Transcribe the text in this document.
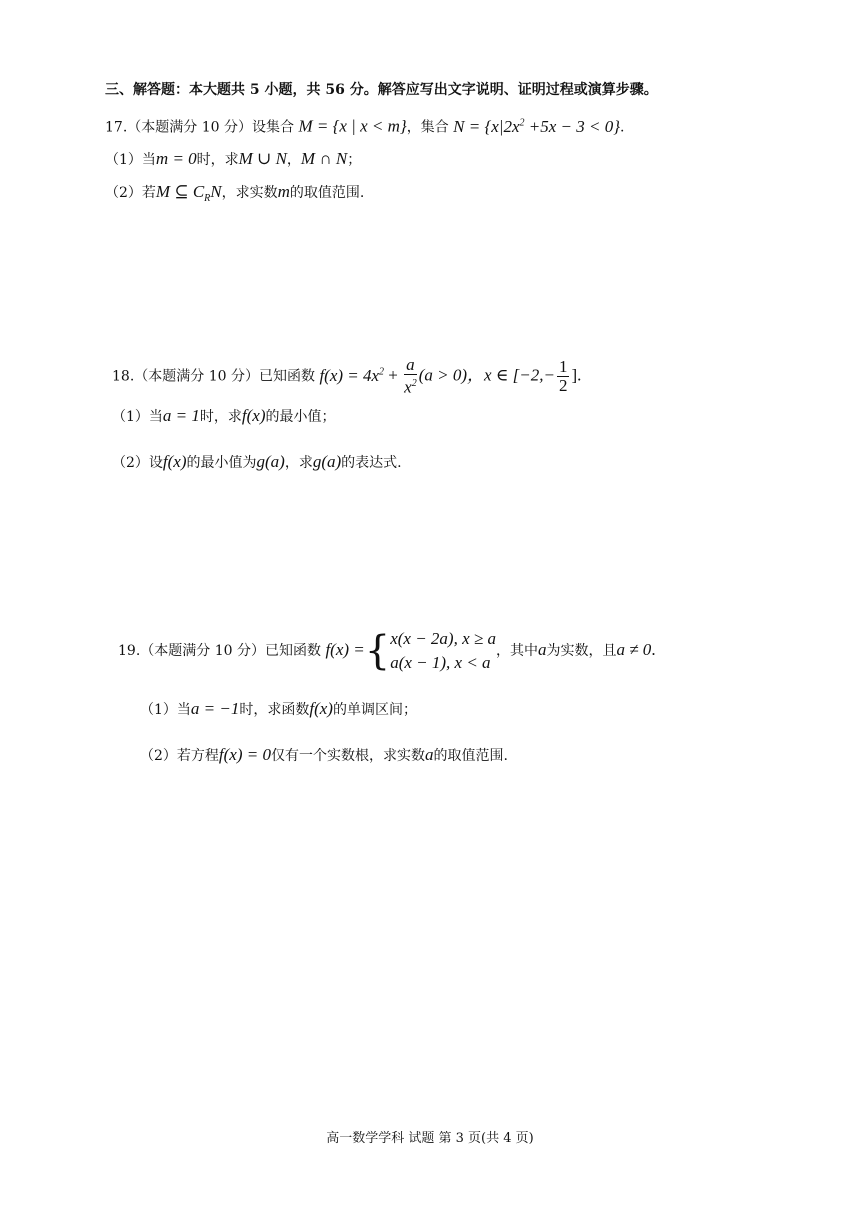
三、解答题：本大题共 5 小题，共 56 分。解答应写出文字说明、证明过程或演算步骤。
17.（本题满分 10 分）设集合 M = {x | x < m}，集合 $N = \{x|2x^2 +5x - 3 < 0\}$.
（1）当m = 0时，求M ∪ N，M ∩ N；
（2）若M ⊆ $C_RN$，求实数m的取值范围.
18.（本题满分 10 分）已知函数 $f(x) = 4x^2 + \frac{a}{x^2} (a > 0)$，x ∈ [$-2,- \frac{1}{2}$ ].
（1）当a = 1时，求f(x)的最小值；
（2）设f(x)的最小值为g(a)，求g(a)的表达式.
19.（本题满分 10 分）已知函数 f(x) ={ x(x − 2a), x ≥ a
a(x − 1), x < a
，其中a为实数，且a ≠ 0.
（1）当a = −1时，求函数f(x)的单调区间；
（2）若方程f(x) = 0仅有一个实数根，求实数a的取值范围.
高一数学学科 试题 第 3 页(共 4 页)
